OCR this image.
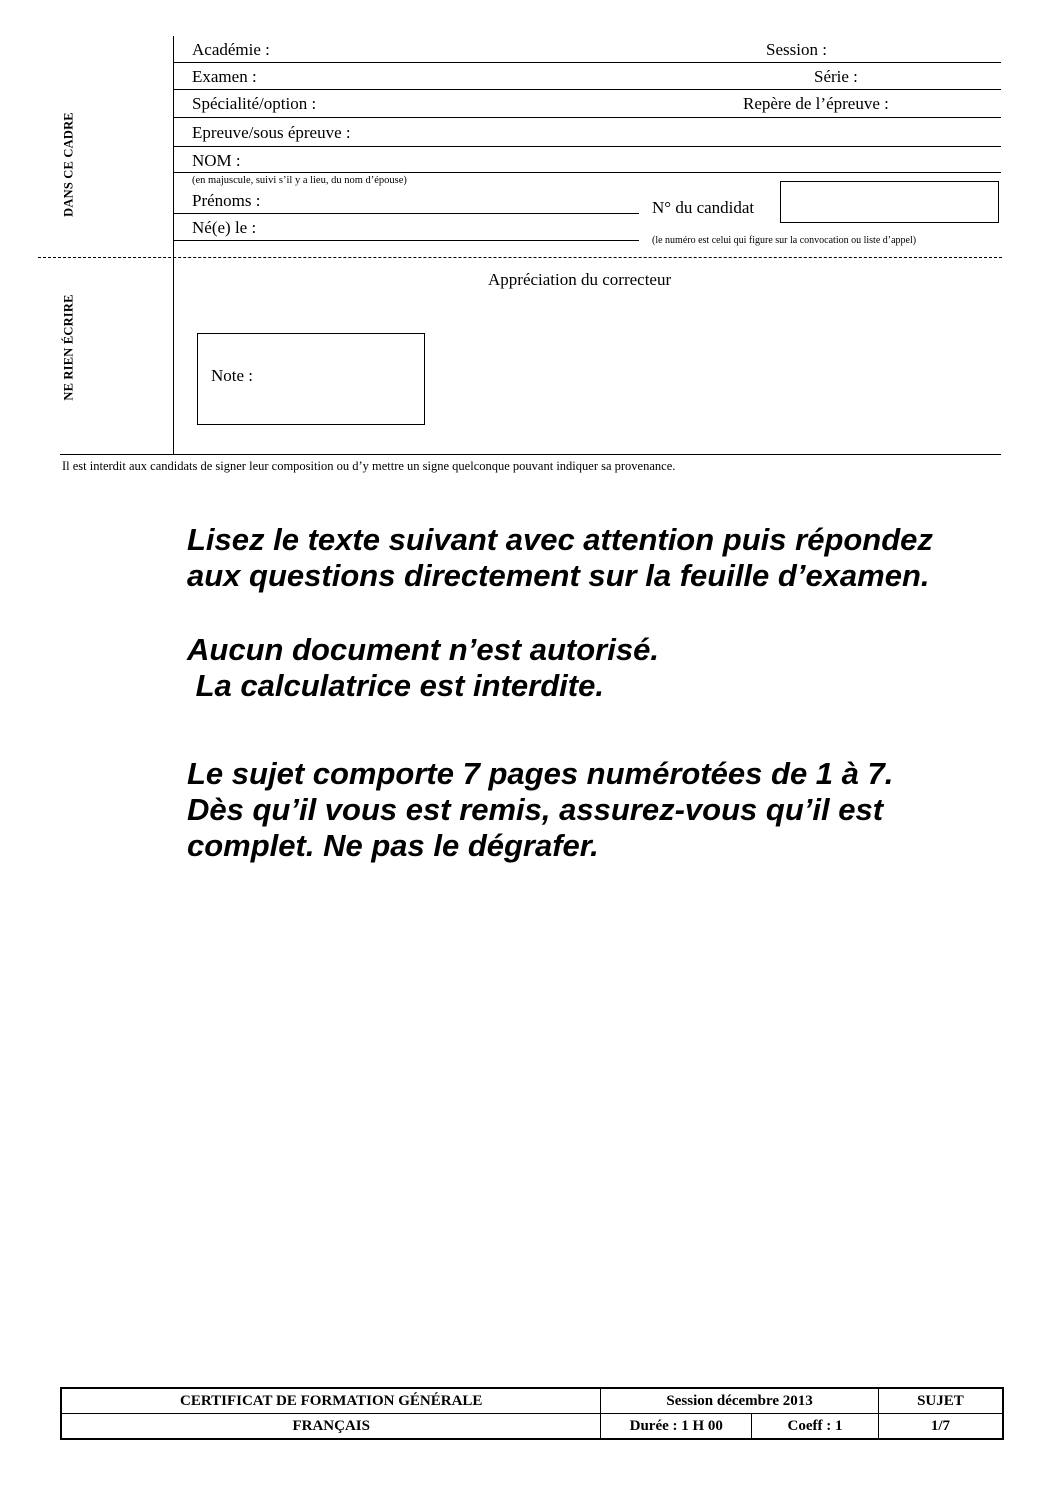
Académie :	Session :
Examen :	Série :
Spécialité/option :	Repère de l’épreuve :
Epreuve/sous épreuve :
NOM :
(en majuscule, suivi s’il y a lieu, du nom d’épouse)
Prénoms :	N° du candidat
Né(e) le :
(le numéro est celui qui figure sur la convocation ou liste d’appel)
DANS CE CADRE
NE RIEN ÉCRIRE
Appréciation du correcteur
Note :
Il est interdit aux candidats de signer leur composition ou d’y mettre un signe quelconque pouvant indiquer sa provenance.
Lisez le texte suivant avec attention puis répondez
aux questions directement sur la feuille d’examen.
Aucun document n’est autorisé.
La calculatrice est interdite.
Le sujet comporte 7 pages numérotées de 1 à 7.
Dès qu’il vous est remis, assurez-vous qu’il est
complet. Ne pas le dégrafer.
CERTIFICAT DE FORMATION GÉNÉRALE	Session décembre 2013		SUJET
FRANÇAIS	Durée : 1 H 00	Coeff : 1	1/7
